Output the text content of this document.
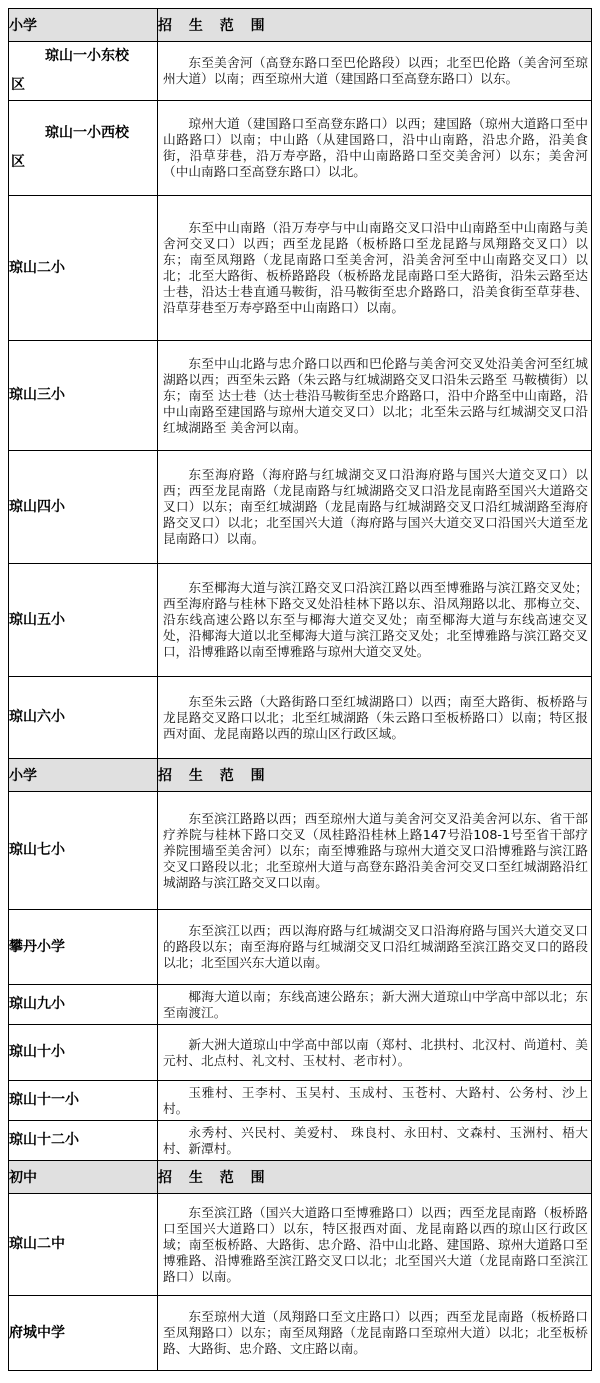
小学	招 生 范 围

琼山一小东校
区	东至美舍河（高登东路口至巴伦路段）以西；北至巴伦路（美舍河至琼州大道）以南；西至琼州大道（建国路口至高登东路口）以东。

琼山一小西校
区	琼州大道（建国路口至高登东路口）以西；建国路（琼州大道路口至中山路路口）以南；中山路（从建国路口，沿中山南路，沿忠介路，沿美食街，沿草芽巷，沿万寿亭路，沿中山南路路口至交美舍河）以东；美舍河（中山南路口至高登东路口）以北。
琼山二小	东至中山南路（沿万寿亭与中山南路交叉口沿中山南路至中山南路与美舍河交叉口）以西；西至龙昆路（板桥路口至龙昆路与凤翔路交叉口）以东；南至凤翔路（龙昆南路口至美舍河，沿美舍河至中山南路交叉口）以北；北至大路街、板桥路路段（板桥路龙昆南路口至大路街，沿朱云路至达士巷，沿达士巷直通马鞍街，沿马鞍街至忠介路路口，沿美食街至草芽巷、沿草芽巷至万寿亭路至中山南路口）以南。
琼山三小	东至中山北路与忠介路口以西和巴伦路与美舍河交叉处沿美舍河至红城湖路以西；西至朱云路（朱云路与红城湖路交叉口沿朱云路至 马鞍横街）以东；南至 达士巷（达士巷沿马鞍街至忠介路路口，沿中介路至中山南路，沿中山南路至建国路与琼州大道交叉口）以北；北至朱云路与红城湖交叉口沿红城湖路至 美舍河以南。
琼山四小	东至海府路（海府路与红城湖交叉口沿海府路与国兴大道交叉口）以西；西至龙昆南路（龙昆南路与红城湖路交叉口沿龙昆南路至国兴大道路交叉口）以东；南至红城湖路（龙昆南路与红城湖路交叉口沿红城湖路至海府路交叉口）以北；北至国兴大道（海府路与国兴大道交叉口沿国兴大道至龙昆南路口）以南。
琼山五小	东至椰海大道与滨江路交叉口沿滨江路以西至博雅路与滨江路交叉处；西至海府路与桂林下路交叉处沿桂林下路以东、沿凤翔路以北、那梅立交、沿东线高速公路以东至与椰海大道交叉处；南至椰海大道与东线高速交叉处，沿椰海大道以北至椰海大道与滨江路交叉处；北至博雅路与滨江路交叉口，沿博雅路以南至博雅路与琼州大道交叉处。
琼山六小	东至朱云路（大路街路口至红城湖路口）以西；南至大路街、板桥路与龙昆路交叉路口以北；北至红城湖路（朱云路口至板桥路口）以南；特区报西对面、龙昆南路以西的琼山区行政区域。
小学	招 生 范 围
琼山七小	东至滨江路路以西；西至琼州大道与美舍河交叉沿美舍河以东、省干部疗养院与桂林下路口交叉（凤桂路沿桂林上路147号沿108-1号至省干部疗养院围墙至美舍河）以东；南至博雅路与琼州大道交叉口沿博雅路与滨江路交叉口路段以北；北至琼州大道与高登东路沿美舍河交叉口至红城湖路沿红城湖路与滨江路交叉口以南。
攀丹小学	东至滨江以西；西以海府路与红城湖交叉口沿海府路与国兴大道交叉口的路段以东；南至海府路与红城湖交叉口沿红城湖路至滨江路交叉口的路段以北；北至国兴东大道以南。
琼山九小	椰海大道以南；东线高速公路东；新大洲大道琼山中学高中部以北；东至南渡江。
琼山十小	新大洲大道琼山中学高中部以南（郑村、北拱村、北汉村、尚道村、美元村、北点村、礼文村、玉杖村、老市村）。
琼山十一小	玉雅村、王李村、玉吴村、玉成村、玉苍村、大路村、公务村、沙上村。
琼山十二小	永秀村、兴民村、美爱村、 珠良村、永田村、文森村、玉洲村、梧大村、新潭村。
初中	招 生 范 围
琼山二中	东至滨江路（国兴大道路口至博雅路口）以西；西至龙昆南路（板桥路口至国兴大道路口）以东，特区报西对面、龙昆南路以西的琼山区行政区域；南至板桥路、大路街、忠介路、沿中山北路、建国路、琼州大道路口至博雅路、沿博雅路至滨江路交叉口以北；北至国兴大道（龙昆南路口至滨江路口）以南。
府城中学	东至琼州大道（凤翔路口至文庄路口）以西；西至龙昆南路（板桥路口至凤翔路口）以东；南至凤翔路（龙昆南路口至琼州大道）以北；北至板桥路、大路街、忠介路、文庄路以南。
